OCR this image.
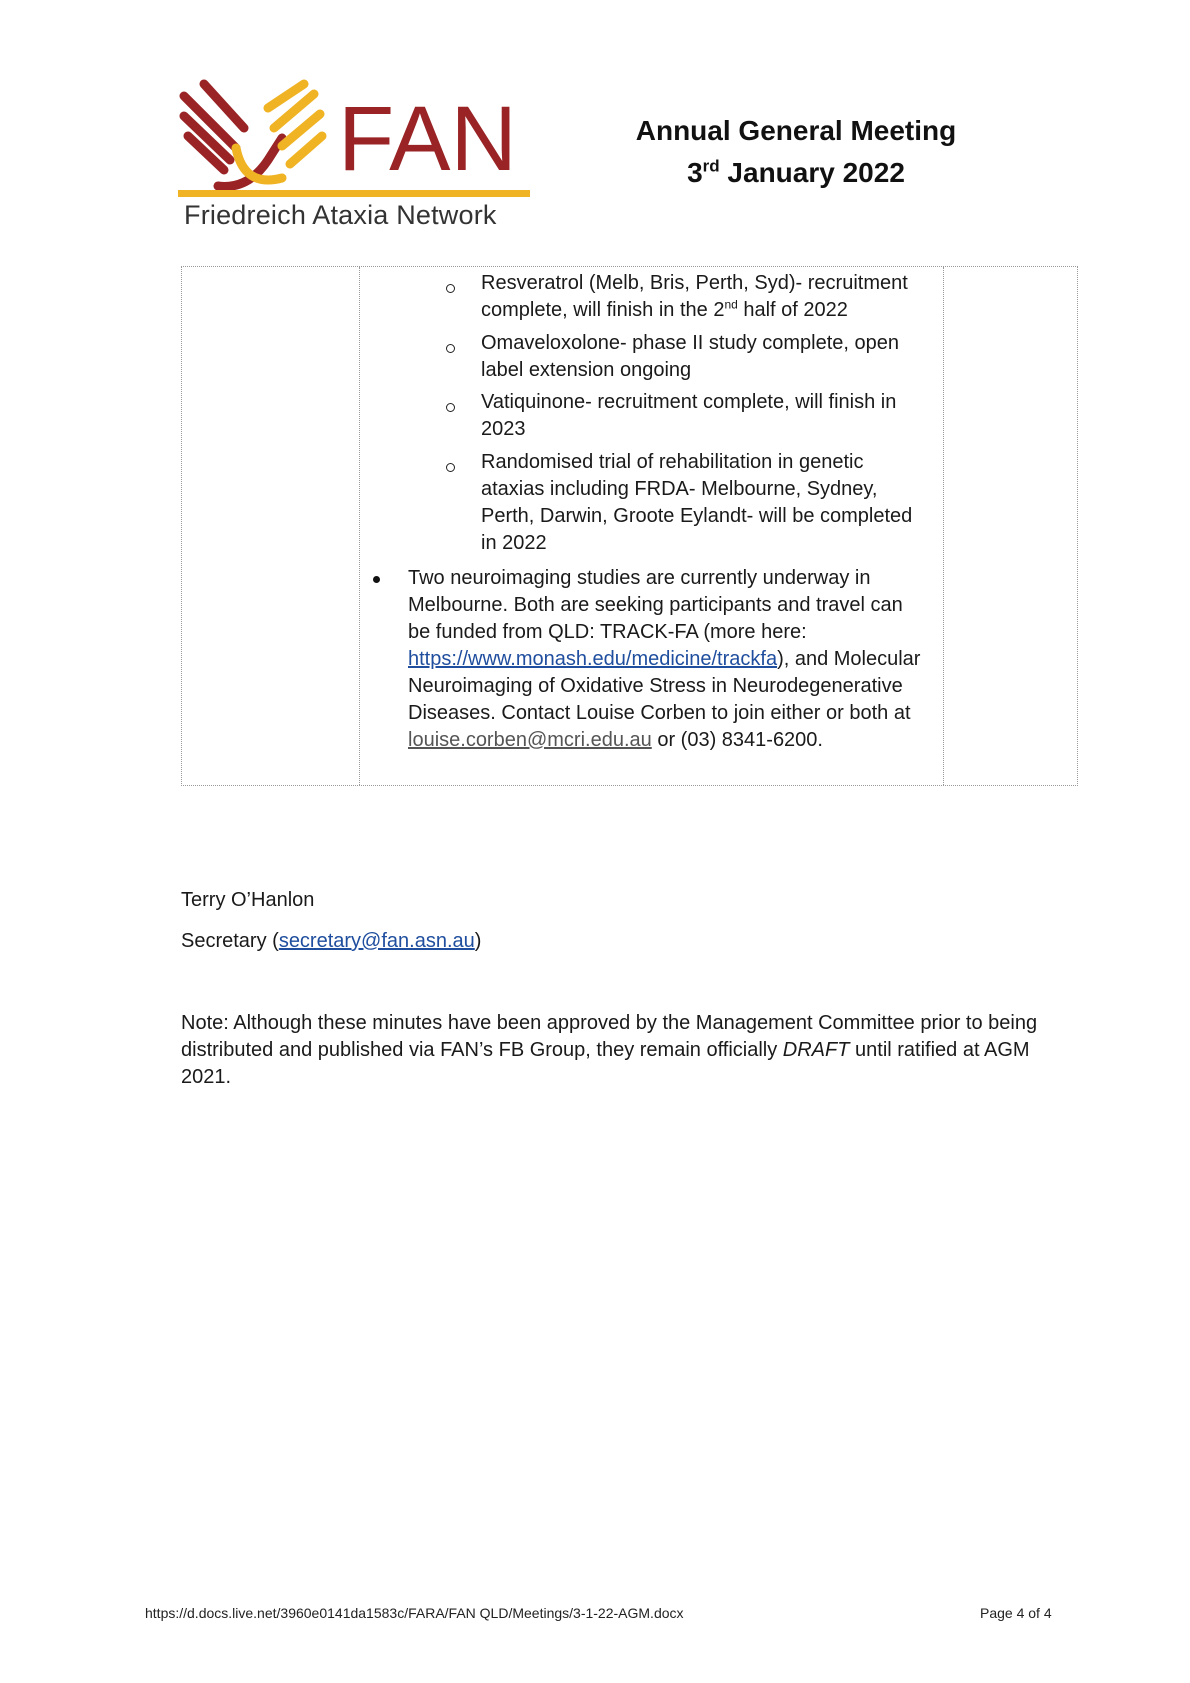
FAN
Friedreich Ataxia Network
Annual General Meeting
3rd January 2022
Resveratrol (Melb, Bris, Perth, Syd)- recruitment complete, will finish in the 2nd half of 2022
Omaveloxolone- phase II study complete, open label extension ongoing
Vatiquinone- recruitment complete, will finish in 2023
Randomised trial of rehabilitation in genetic ataxias including FRDA- Melbourne, Sydney, Perth, Darwin, Groote Eylandt- will be completed in 2022
Two neuroimaging studies are currently underway in Melbourne. Both are seeking participants and travel can be funded from QLD: TRACK-FA (more here: https://www.monash.edu/medicine/trackfa), and Molecular Neuroimaging of Oxidative Stress in Neurodegenerative Diseases. Contact Louise Corben to join either or both at louise.corben@mcri.edu.au or (03) 8341-6200.
Terry O’Hanlon
Secretary (secretary@fan.asn.au)
Note: Although these minutes have been approved by the Management Committee prior to being distributed and published via FAN’s FB Group, they remain officially DRAFT until ratified at AGM 2021.
https://d.docs.live.net/3960e0141da1583c/FARA/FAN QLD/Meetings/3-1-22-AGM.docx	Page 4 of 4
